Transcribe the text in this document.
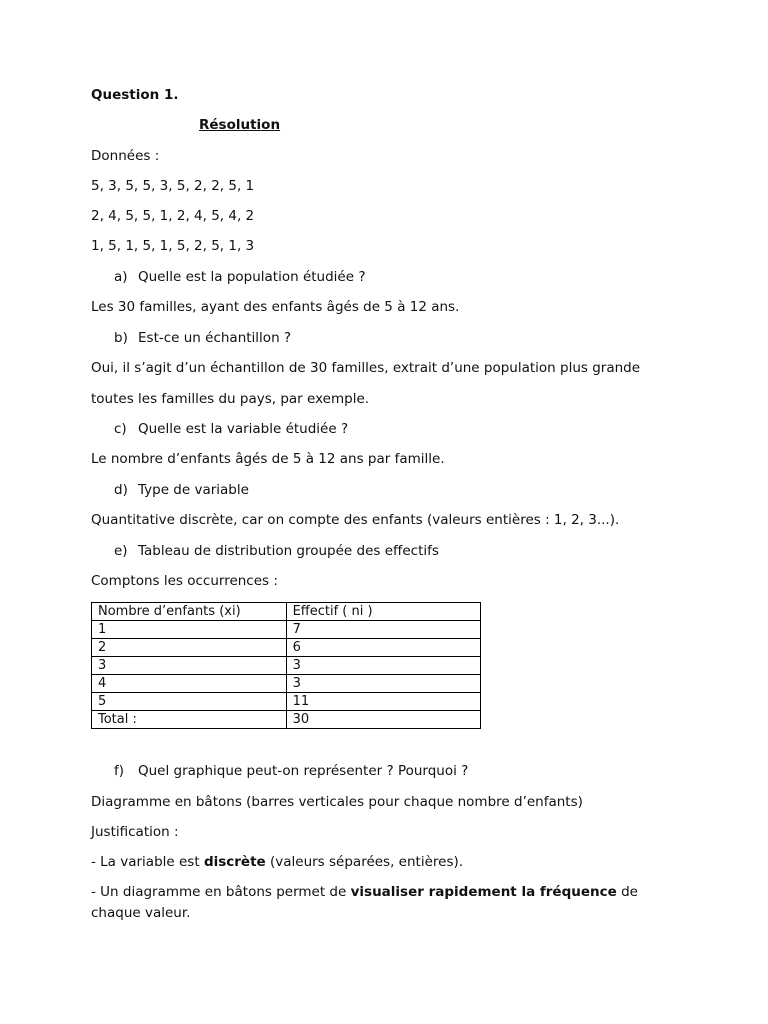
Question 1.
Résolution
Données :
5, 3, 5, 5, 3, 5, 2, 2, 5, 1
2, 4, 5, 5, 1, 2, 4, 5, 4, 2
1, 5, 1, 5, 1, 5, 2, 5, 1, 3
a) Quelle est la population étudiée ?
Les 30 familles, ayant des enfants âgés de 5 à 12 ans.
b) Est-ce un échantillon ?
Oui, il s’agit d’un échantillon de 30 familles, extrait d’une population plus grande
toutes les familles du pays, par exemple.
c) Quelle est la variable étudiée ?
Le nombre d’enfants âgés de 5 à 12 ans par famille.
d) Type de variable
Quantitative discrète, car on compte des enfants (valeurs entières : 1, 2, 3...).
e) Tableau de distribution groupée des effectifs
Comptons les occurrences :
Nombre d’enfants (xi)	Effectif ( ni )
1	7
2	6
3	3
4	3
5	11
Total :	30
f) Quel graphique peut-on représenter ? Pourquoi ?
Diagramme en bâtons (barres verticales pour chaque nombre d’enfants)
Justification :
- La variable est discrète (valeurs séparées, entières).
- Un diagramme en bâtons permet de visualiser rapidement la fréquence de chaque valeur.
